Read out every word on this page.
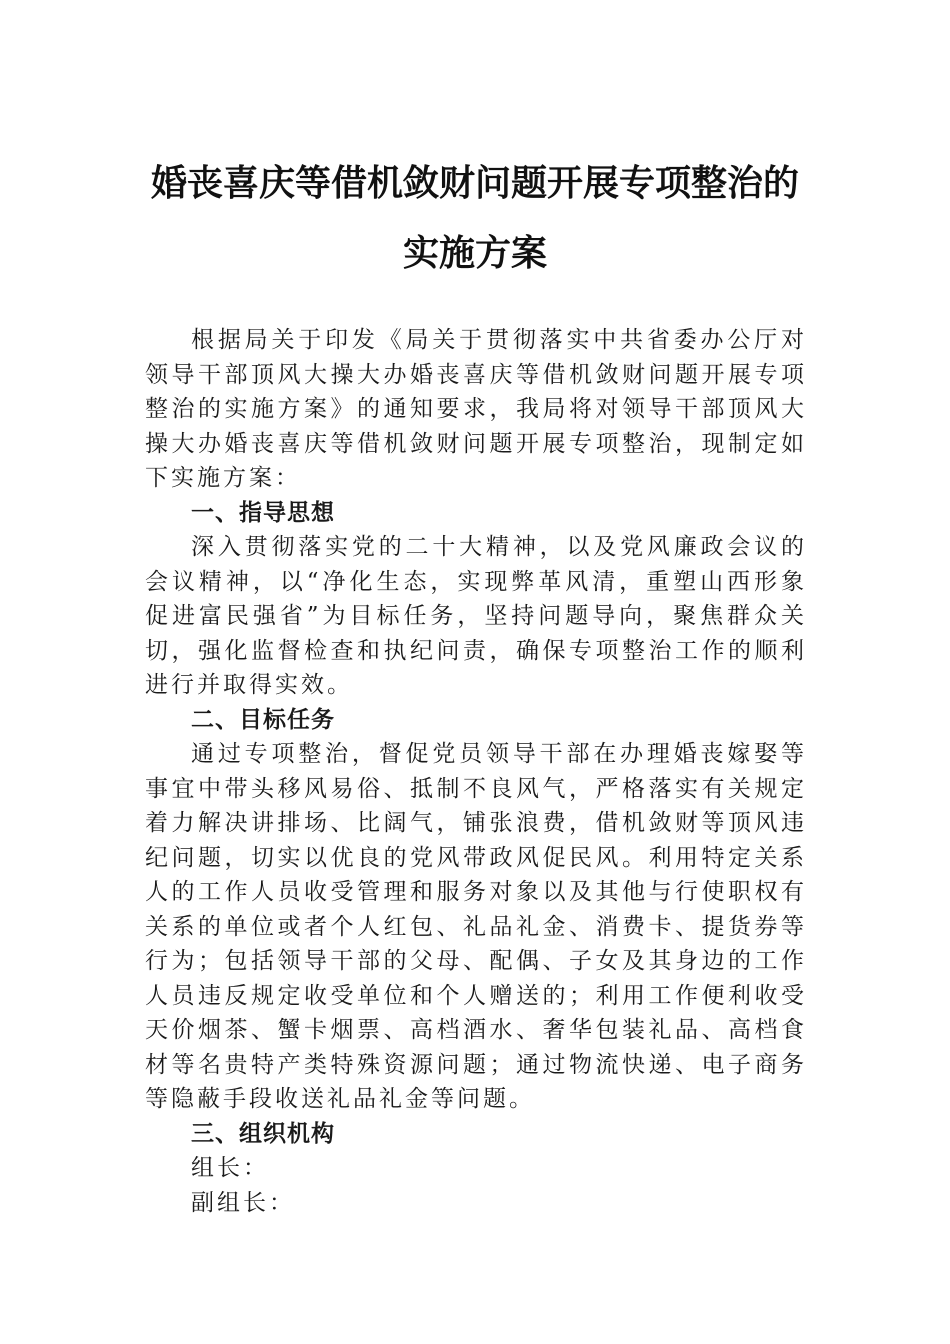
婚丧喜庆等借机敛财问题开展专项整治的
实施方案

根据局关于印发《局关于贯彻落实中共省委办公厅对领导干部顶风大操大办婚丧喜庆等借机敛财问题开展专项整治的实施方案》的通知要求，我局将对领导干部顶风大操大办婚丧喜庆等借机敛财问题开展专项整治，现制定如下实施方案：

一、指导思想

深入贯彻落实党的二十大精神，以及党风廉政会议的会议精神，以“净化生态，实现弊革风清，重塑山西形象促进富民强省”为目标任务，坚持问题导向，聚焦群众关切，强化监督检查和执纪问责，确保专项整治工作的顺利进行并取得实效。

二、目标任务

通过专项整治，督促党员领导干部在办理婚丧嫁娶等事宜中带头移风易俗、抵制不良风气，严格落实有关规定着力解决讲排场、比阔气，铺张浪费，借机敛财等顶风违纪问题，切实以优良的党风带政风促民风。利用特定关系人的工作人员收受管理和服务对象以及其他与行使职权有关系的单位或者个人红包、礼品礼金、消费卡、提货券等行为；包括领导干部的父母、配偶、子女及其身边的工作人员违反规定收受单位和个人赠送的；利用工作便利收受天价烟茶、蟹卡烟票、高档酒水、奢华包装礼品、高档食材等名贵特产类特殊资源问题；通过物流快递、电子商务等隐蔽手段收送礼品礼金等问题。

三、组织机构

组长：

副组长：
